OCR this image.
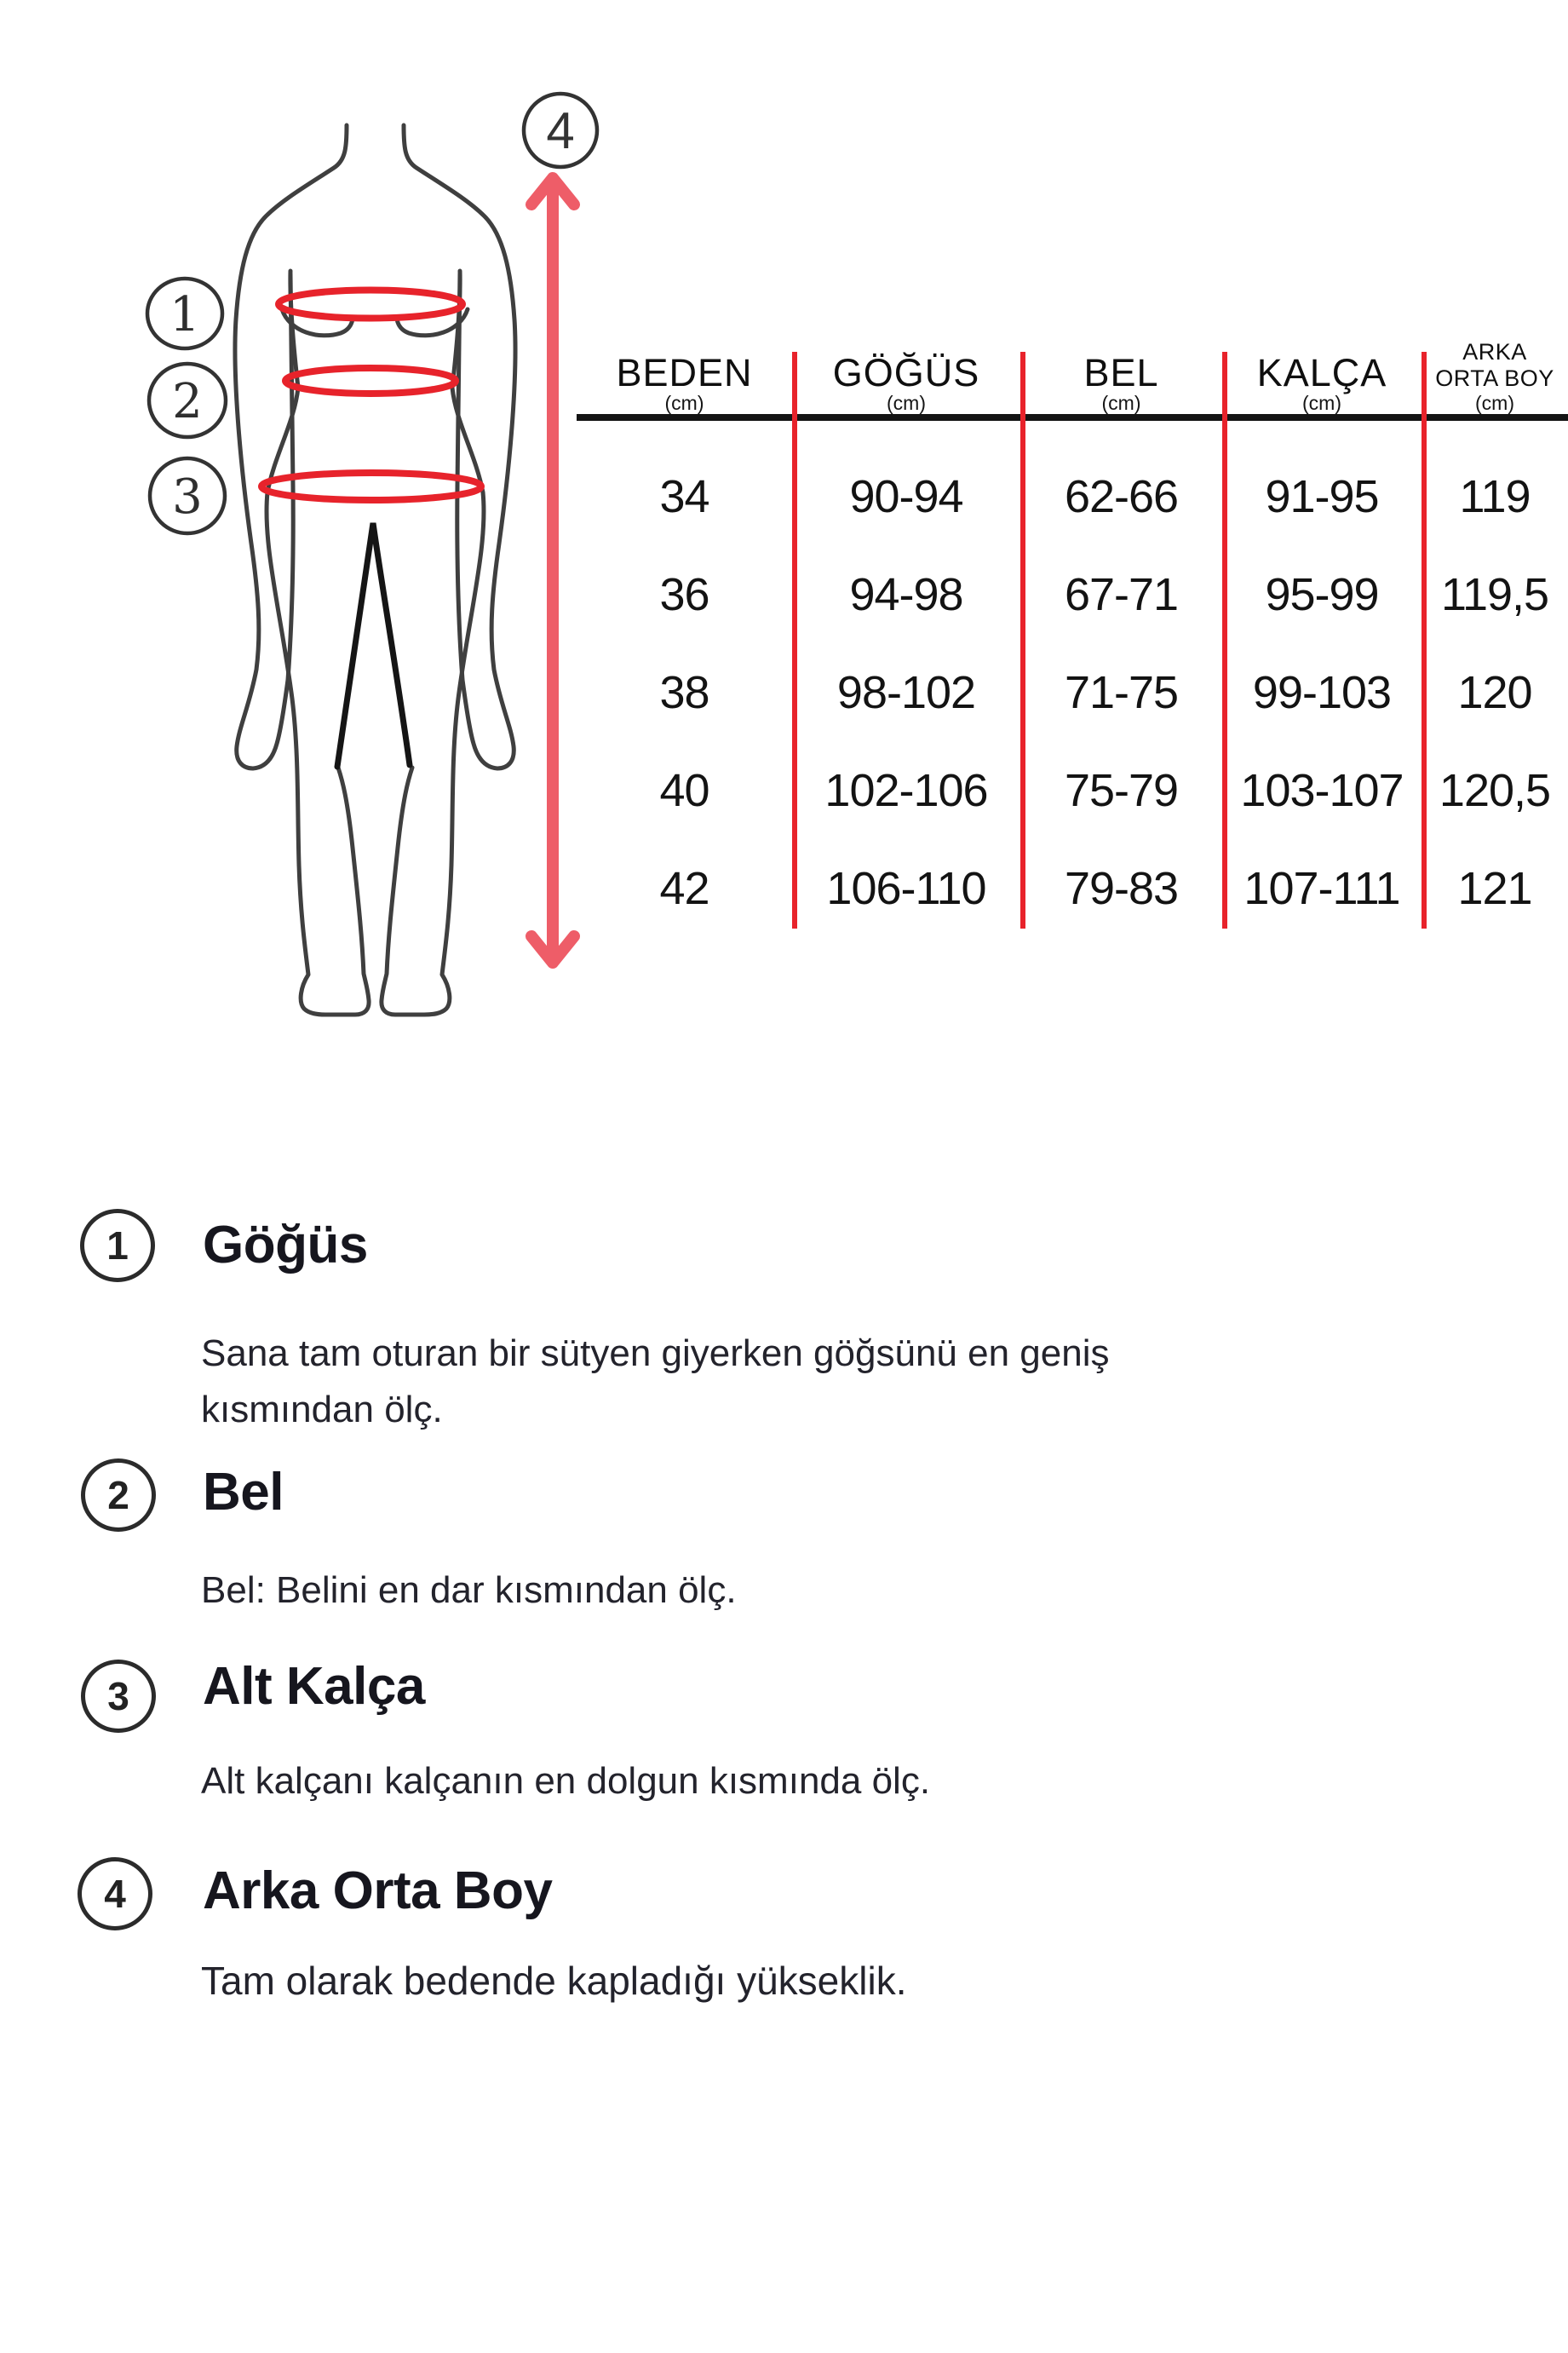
1
2
3
4
BEDEN
(cm)
GÖĞÜS
(cm)
BEL
(cm)
KALÇA
(cm)
ARKA
ORTA BOY
(cm)
34	90-94	62-66	91-95	119
36	94-98	67-71	95-99	119,5
38	98-102	71-75	99-103	120
40	102-106	75-79	103-107 120,5
42	106-110	79-83	107-111	121
1	Göğüs
Sana tam oturan bir sütyen giyerken göğsünü en geniş
kısmından ölç.
2	Bel
Bel: Belini en dar kısmından ölç.
3	Alt Kalça
Alt kalçanı kalçanın en dolgun kısmında ölç.
4	Arka Orta Boy
Tam olarak bedende kapladığı yükseklik.
